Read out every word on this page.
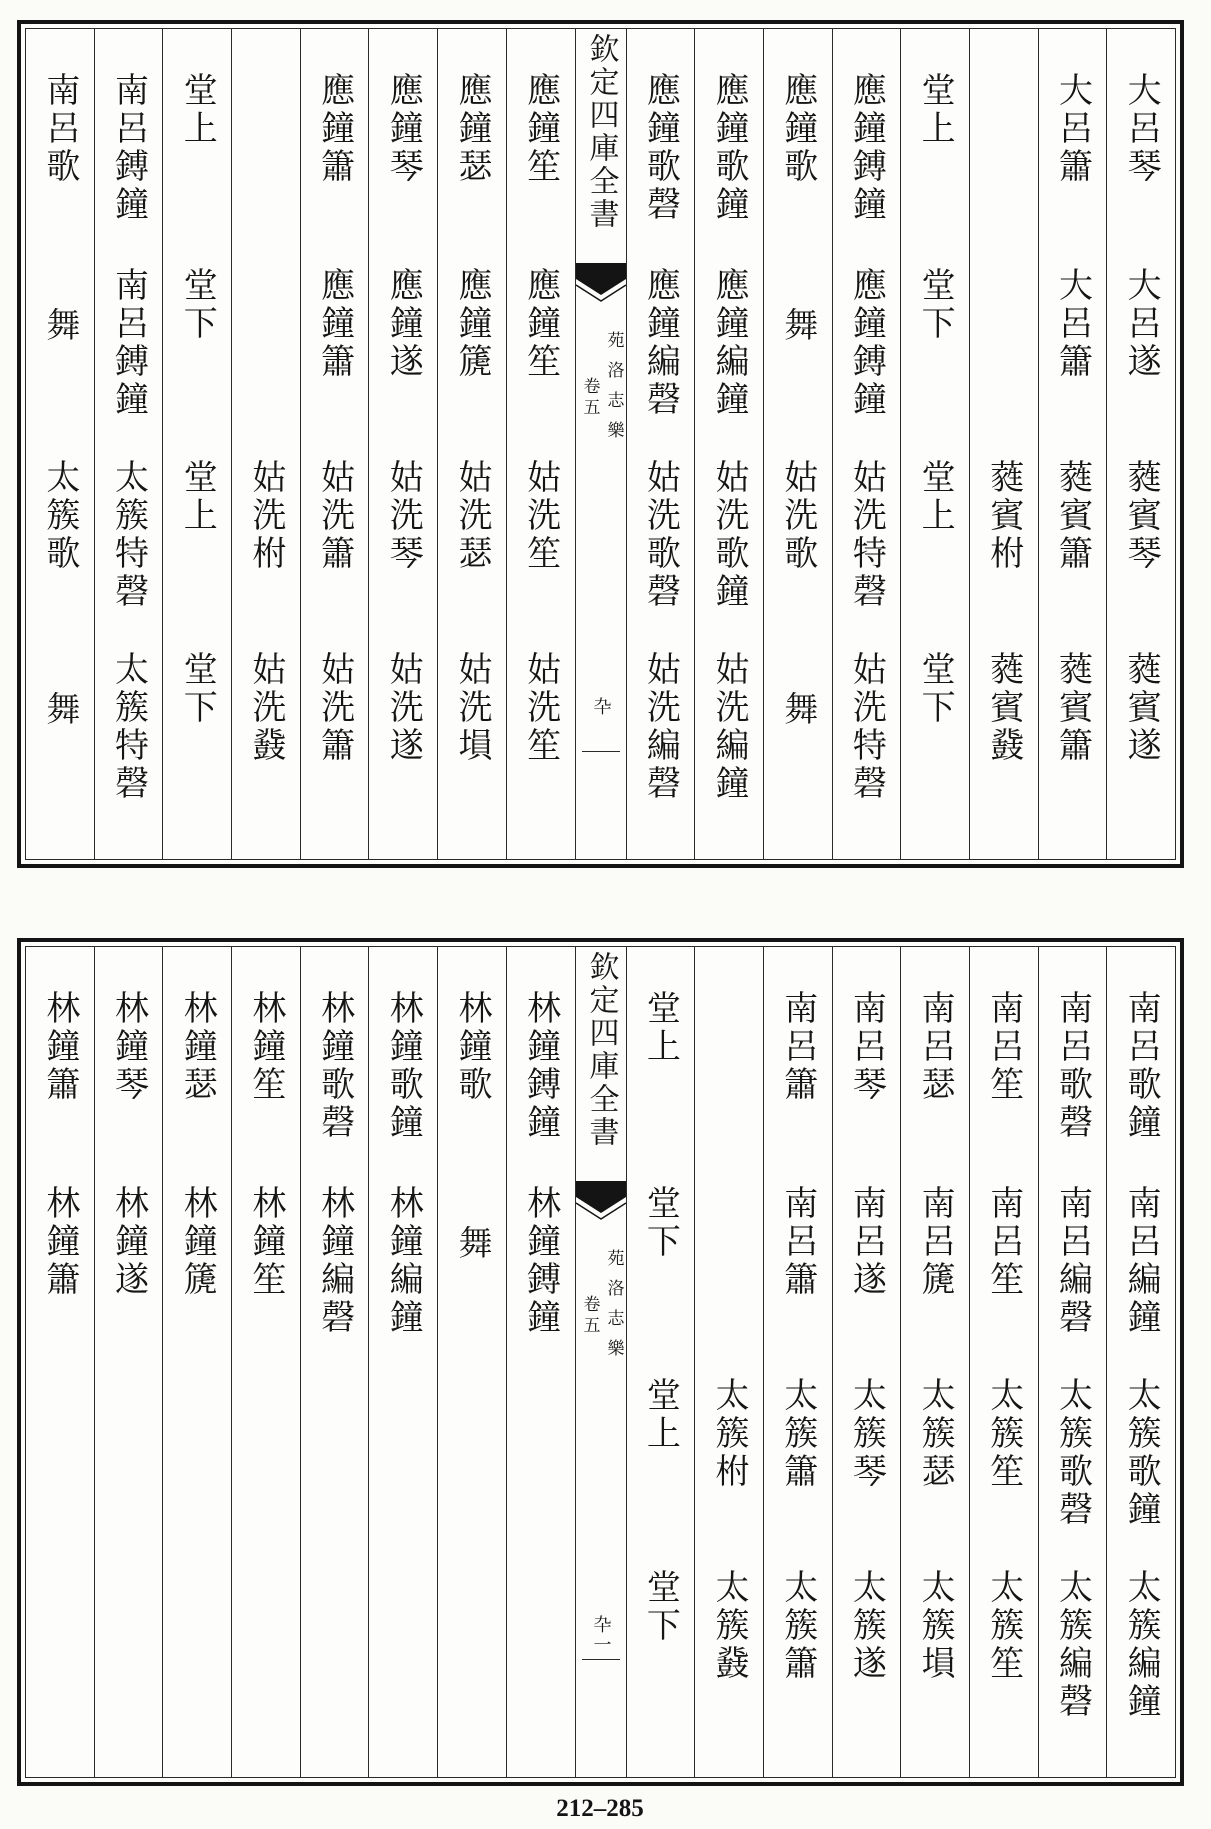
大呂琴
大呂遂
蕤賓琴
蕤賓遂
大呂簫
大呂簫
蕤賓簫
蕤賓簫
蕤賓柎
蕤賓鼗
堂上
堂下
堂上
堂下
應鐘鎛鐘
應鐘鎛鐘
姑洗特磬
姑洗特磬
應鐘歌
舞
姑洗歌
舞
應鐘歌鐘
應鐘編鐘
姑洗歌鐘
姑洗編鐘
應鐘歌磬
應鐘編磬
姑洗歌磬
姑洗編磬
欽定四庫全書
苑洛志樂
卷五
卆
應鐘笙
應鐘笙
姑洗笙
姑洗笙
應鐘瑟
應鐘篪
姑洗瑟
姑洗塤
應鐘琴
應鐘遂
姑洗琴
姑洗遂
應鐘簫
應鐘簫
姑洗簫
姑洗簫
姑洗柎
姑洗鼗
堂上
堂下
堂上
堂下
南呂鎛鐘
南呂鎛鐘
太簇特磬
太簇特磬
南呂歌
舞
太簇歌
舞
南呂歌鐘
南呂編鐘
太簇歌鐘
太簇編鐘
南呂歌磬
南呂編磬
太簇歌磬
太簇編磬
南呂笙
南呂笙
太簇笙
太簇笙
南呂瑟
南呂篪
太簇瑟
太簇塤
南呂琴
南呂遂
太簇琴
太簇遂
南呂簫
南呂簫
太簇簫
太簇簫
太簇柎
太簇鼗
堂上
堂下
堂上
堂下
欽定四庫全書
苑洛志樂
卷五
卆一
林鐘鎛鐘
林鐘鎛鐘
林鐘歌
舞
林鐘歌鐘
林鐘編鐘
林鐘歌磬
林鐘編磬
林鐘笙
林鐘笙
林鐘瑟
林鐘篪
林鐘琴
林鐘遂
林鐘簫
林鐘簫
212–285
